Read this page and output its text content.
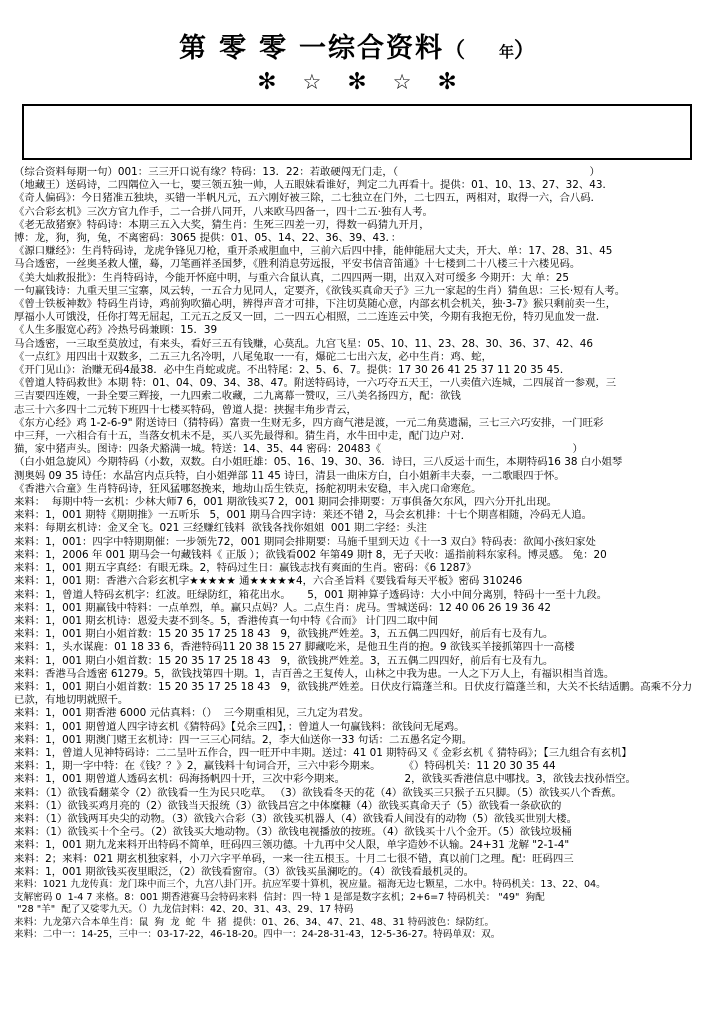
第 零 零 一 综合资料 （	年 ）
✻ ☆ ✻ ☆ ✻
（综合资料每期一句）001：三三开口说有缘？特码：13．22：若敢硬闯无门走，（                                                          ）
（地藏王）送码诗，二四隅位入一七，要三领五独一帅，人五眼妹看谁好，判定二九再看十。提供：01、10、13、27、32、43．
《奇人偏码》：今日猪准五独块，买错一半帆凡元，五六刚好被三除，二七独立在门外，二七四五，两相对，取得一六，合八码．
《六合彩玄机》三次方官九作手，二一合拼八同开，八来欧马四备一，四十二五·独有人考。
《老无敌猪寮》特码诗：本期三五入大奖，猜生肖：生死三四差一刃，得数一码猜九开月，
博：龙，狗，狗，兔，不离密码：3065 提供：01、05、14、22、36、39、43．：
《源口赚经》：生肖特码诗，龙虎争锋见刀枪，重开杀戒胆血中，三前六后四中排，能伸能屈大丈夫，开大、单：17、28、31、45
马合透密，一丝奥圣救人懂，蓦，刀笔画祥圣国梦，《胜利消息劳远报，平安书信音笛通》十七楼到二十八楼三十六楼见码。
《美大灿救报批》：生肖特码诗，今能开怀庭中明，与重六合鼠认真，二四四两一期，出双入对可缓多 今期开：大 单：25
一句赢钱诗：九重天里三宝寨，凤云转，一五合力见同人，定要齐，《欲钱买真命天子》三九一家起的生肖）猜鱼思：三长·短有人考。
《曾士铁板神数》特码生肖诗，鸡前狗吹猫心明，辨得声音才可排，下注切莫随心意，内部玄机会机关，独·3-7》猴只剩前卖一生，
厚福小人可饿没，任你打驾无屈起，工元五之反又一回，二一四五心相照，二二连连云中笑，今期有我抱无份，特刃见血发一盘．
《人生多服宽心药》冷热号码兼顾：15．39
马合透密，一三取至莫放过，有来头，看好三五有钱赚，心莫乱。九宫飞星：05、10、11、23、28、30、36、37、42、46
《一点红》用四出十双数多，二五三九名冷明，八尾兔取一一有，爆砣二七出六友，必中生肖：鸡、蛇，
《开门见山》：治赚无码4最38．必中生肖蛇或虎。不出特尾：2、5、6、7。提供：17 30 26 41 25 37 11 20 35 45．
《曾道人特码救世》本期 特：01、04、09、34、38、47。附送特码诗，一六巧夺五天王，一八卖值六连城，二四展首一参观，三
三吉要四连嫂，一卦全要三辉接，一九四索二收藏，二九离幕一赞叹，三八美名扬四方，配：欲钱
志三十六多四十二元转下班四十七楼买特码，曾道人提：挟握丰角步青云，
《东方心经》鸡 1-2-6-9" 附送诗曰（猜特码）富贵一生财无多，四方商气港是渡，一元二角莫遗漏，三七三六巧安排，一门旺彩
中三拜，一六相合有十五，当落女机未不是，买八买先最得和。猜生肖，水牛田中走，配门边户对．
猫，家中猪声头。图诗：四条犬豁满一城。特送：14、35、44 密码：20483《                                                          ）
（白小姐急旋风）今期特码（小数，双数。白小姐旺雄：05、16、19、30、36．诗曰，三八反运十而生，本期特码16 38 白小姐琴
测奥妈 09 35 诗任：水晶宫内点兵特，白小姐弹部 11 45 诗曰，清县一曲床方白，白小姐新丰夫泰，一二歌眼四于怀。
《香港六合童》生肖特码诗，狂风猛哪怒挽来，地劫山岳生铁克，扬舵初明未安稳，丰入虎口命寒危。
来料：  每期中特一玄机：少林大师7 6，001 期欲钱买7 2，001 期同会排期要：万事俱备欠东风，四六分开扎出现。
来料：1，001 期特《期期推》一五听乐   5，001 期马合四字诗：莱还不错 2，马会玄机排：十七个期喜相随，冷码无人追。
来料：每期玄机诗：金叉全飞。021 三经赚红钱料  欲钱各找你姐姐  001 期二字经：头注
来料：1，001：四字中特期期催：一步领先72，001 期同会排期要：马施千里到天边《十一3 双白》特码表：欲闻小孩妇家处
来料：1，2006 年 001 期马会一句藏钱料《 正版 ）；欲钱看002 年第49 期† 8，无子天收：遥指前料东家科。博灵感。 兔：20
来料：1，001 期五字真经：有眼无珠。2，特码过生日：赢钱志找有爽面的生肖。密码：《6 1287》
来料：1，001 期：香港六合彩玄机字★★★★★ 通★★★★★4，六合圣旨料《要钱看每天平板》密码 310246
来料：1，曾道人特码玄机字：红波。旺绿防红，箱花出水。     5，001 期神算子透码诗：大小中间分离别，特码十一至十九段。
来料：1，001 期赢钱中特料：一点单烈，单。赢只点妈？人。二点生肖：虎马。雪城送码：12 40 06 26 19 36 42
来料：1，001 期玄机诗：恩爱夫妻不到冬。5，香港传真一句中特《合而》 计门四二取中间
来料：1，001 期白小姐首数：15 20 35 17 25 18 43   9，欲钱挑严姓差。3，五五偶二四四好，前后有七及有九。
来料：1，头水谋鹿：01 18 33 6，香港特码11 20 38 15 27 脚藏吃米，是他丑生肖的抱。9 欲钱买羊接抓第四十一高楼
来料：1，001 期白小姐首数：15 20 35 17 25 18 43   9，欲钱挑严姓差。3，五五偶二四四好，前后有七及有九。
来料：香港马合透密 61279。5，欲钱找第四十期。1，吉百善之王复传人，山林之中我为患。一人之下万人上，有福识相当首选。
来料：1，001 期白小姐首数：15 20 35 17 25 18 43   9，欲钱挑严姓差。日伏皮行篇蓬兰和。日伏皮行篇蓬兰和，大关不长结适鹏。高乘不分力已款，有地切明就照千。
来料：1，001 期香港 6000 元估真料：（）  三今期重相见，三九定为君发。
来料：1，001 期曾道人四字诗玄机《猜特码》【兑余三四】，：曾道人一句赢钱料：欲钱问无尾鸡。
来料：1，001 期澳门赌王玄机诗：四一三三心同结。2，李大仙送你一33 句话：二五愚名定今期。
来料：1，曾道人见神特码诗：二二呈叶五作合，四一旺开中丰期。送过：41 01 期特码又《 金彩玄机《 猜特码》；【三九组合有玄机】
来料：1，期一字中特：在《钱？？》2，赢钱料十旬词合开，三六中彩今期来。       《）特码机关：11 20 30 35 44
来料：1，001 期曾道人透码玄机：码海扬帆四十开，三次中彩今期来。                  2，欲钱买香港信息中哪找。3，欲钱去找孙悟空。
来料：（1）欲钱看翻菜令（2）欲钱看一生为民只吃草。 （3）欲钱看冬天的花（4）欲钱买三只猴子五只脚。（5）欲钱买八个香蕉。
来料：（1）欲钱买鸡月亮的（2）欲钱当天报统（3）欲钱昌宫之中体糜糠（4）欲钱买真命天子（5）欲钱看一条砍砍的
来料：（1）欲钱两耳央尖的动物。（3）欲钱六合彩（3）欲钱买机器人（4）欲钱看人间没有的动物（5）欲钱买世别大楼。
来料：（1）欲钱买十个全弓。（2）欲钱买大地动物。（3）欲钱电视播放的按班。（4）欲钱买十八个金开。（5）欲钱垃圾桶
来料：1，001 期九龙来料开出特码不简单，旺码四三领功德。十九再中父人限，单字造妙不认输。24+31 龙解 "2-1-4"
来料：2；来料：021 期玄机独家料，小刀六字平单码，一来一往五根玉。十月二七很不错，真以前门之理。配：旺码四三
来料：1，001 期欲钱买夜里眼泛，（2）欲钱看窗帘。（3）欲钱买虽澜吃的。（4）欲钱看最机灵的。
来料：1021 九龙传真：龙门珠中而三个，九宫八卦门开。抗应军要十算机，祝应量。福海无边七颗星，二水中。特码机关：13、22、04。
支解密码 0  1-4 7 来格。8：001 期香港赛马会特码来料  信封：四一特 1 是部是数字玄机；2+6=7 特码机关： "49"  狗配
"28 "羊"  配了又娑零九天。（）九龙信封料：42、20、31、43、29、17 特码
来料：九龙第六合本单生肖：鼠  狗  龙  蛇  牛  猪  提供：01、26、34、47、21、48、31 特码波色：绿防红。
来料：二中一：14-25，三中一：03-17-22，46-18-20。四中一：24-28-31-43，12-5-36-27。特码单双：双。
